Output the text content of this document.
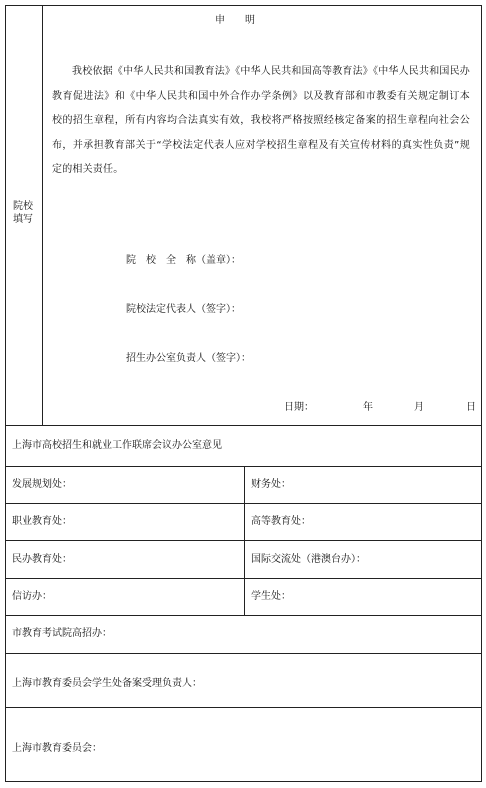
申　　明
我校依据《中华人民共和国教育法》《中华人民共和国高等教育法》《中华人民共和国民办教育促进法》和《中华人民共和国中外合作办学条例》以及教育部和市教委有关规定制订本校的招生章程，所有内容均合法真实有效，我校将严格按照经核定备案的招生章程向社会公布，并承担教育部关于“学校法定代表人应对学校招生章程及有关宣传材料的真实性负责”规定的相关责任。
院校
填写
院　校　全　称（盖章）：
院校法定代表人（签字）：
招生办公室负责人（签字）：
日期：	年	月	日
上海市高校招生和就业工作联席会议办公室意见
发展规划处：	财务处：
职业教育处：	高等教育处：
民办教育处：	国际交流处（港澳台办）：
信访办：	学生处：
市教育考试院高招办：
上海市教育委员会学生处备案受理负责人：
上海市教育委员会：
